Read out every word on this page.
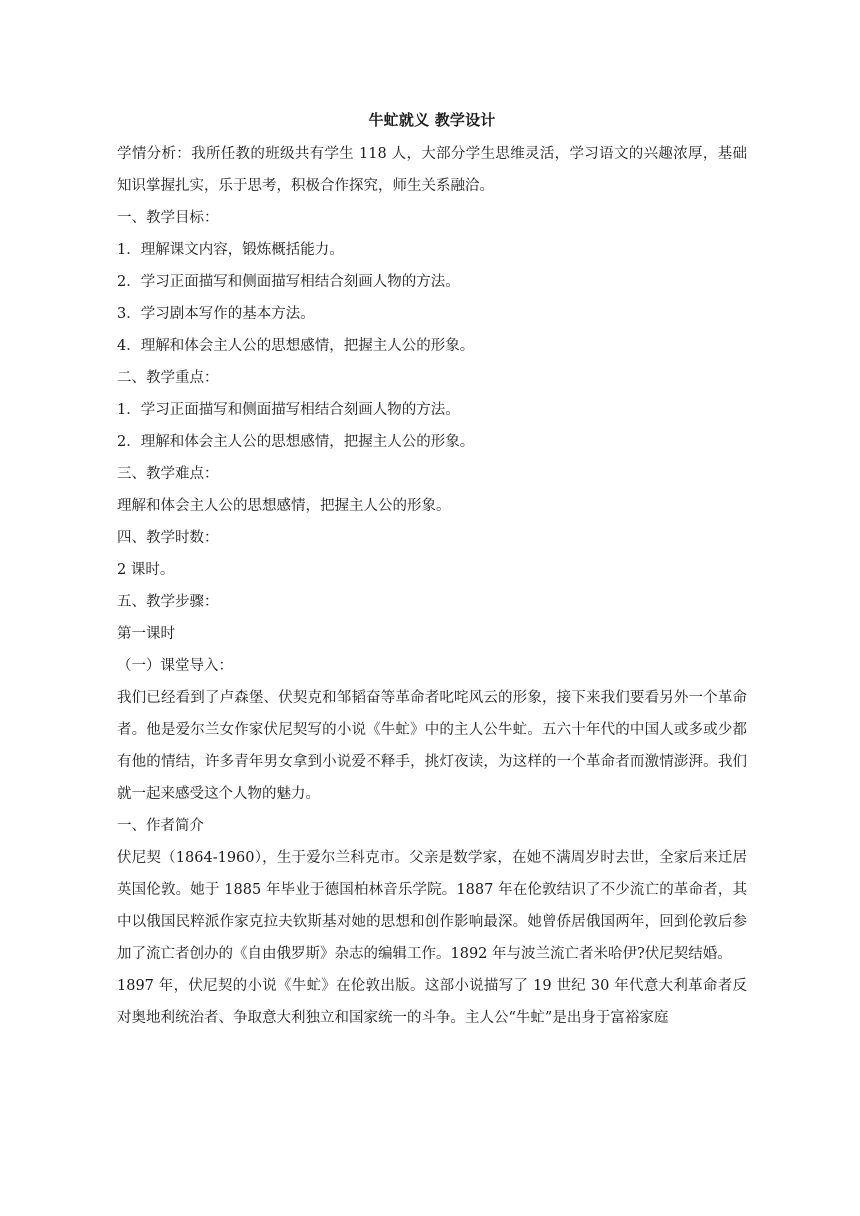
牛虻就义 教学设计

学情分析：我所任教的班级共有学生 118 人，大部分学生思维灵活，学习语文的兴趣浓厚，基础知识掌握扎实，乐于思考，积极合作探究，师生关系融洽。

一、教学目标：

1．理解课文内容，锻炼概括能力。

2．学习正面描写和侧面描写相结合刻画人物的方法。

3．学习剧本写作的基本方法。

4．理解和体会主人公的思想感情，把握主人公的形象。

二、教学重点：

1．学习正面描写和侧面描写相结合刻画人物的方法。

2．理解和体会主人公的思想感情，把握主人公的形象。

三、教学难点：

理解和体会主人公的思想感情，把握主人公的形象。

四、教学时数：

2 课时。

五、教学步骤：

第一课时

（一）课堂导入：

我们已经看到了卢森堡、伏契克和邹韬奋等革命者叱咤风云的形象，接下来我们要看另外一个革命者。他是爱尔兰女作家伏尼契写的小说《牛虻》中的主人公牛虻。五六十年代的中国人或多或少都有他的情结，许多青年男女拿到小说爱不释手，挑灯夜读，为这样的一个革命者而激情澎湃。我们就一起来感受这个人物的魅力。

一、作者简介

伏尼契（1864-1960），生于爱尔兰科克市。父亲是数学家，在她不满周岁时去世，全家后来迁居英国伦敦。她于 1885 年毕业于德国柏林音乐学院。1887 年在伦敦结识了不少流亡的革命者，其中以俄国民粹派作家克拉夫钦斯基对她的思想和创作影响最深。她曾侨居俄国两年，回到伦敦后参加了流亡者创办的《自由俄罗斯》杂志的编辑工作。1892 年与波兰流亡者米哈伊?伏尼契结婚。

1897 年，伏尼契的小说《牛虻》在伦敦出版。这部小说描写了 19 世纪 30 年代意大利革命者反对奥地利统治者、争取意大利独立和国家统一的斗争。主人公“牛虻”是出身于富裕家庭
